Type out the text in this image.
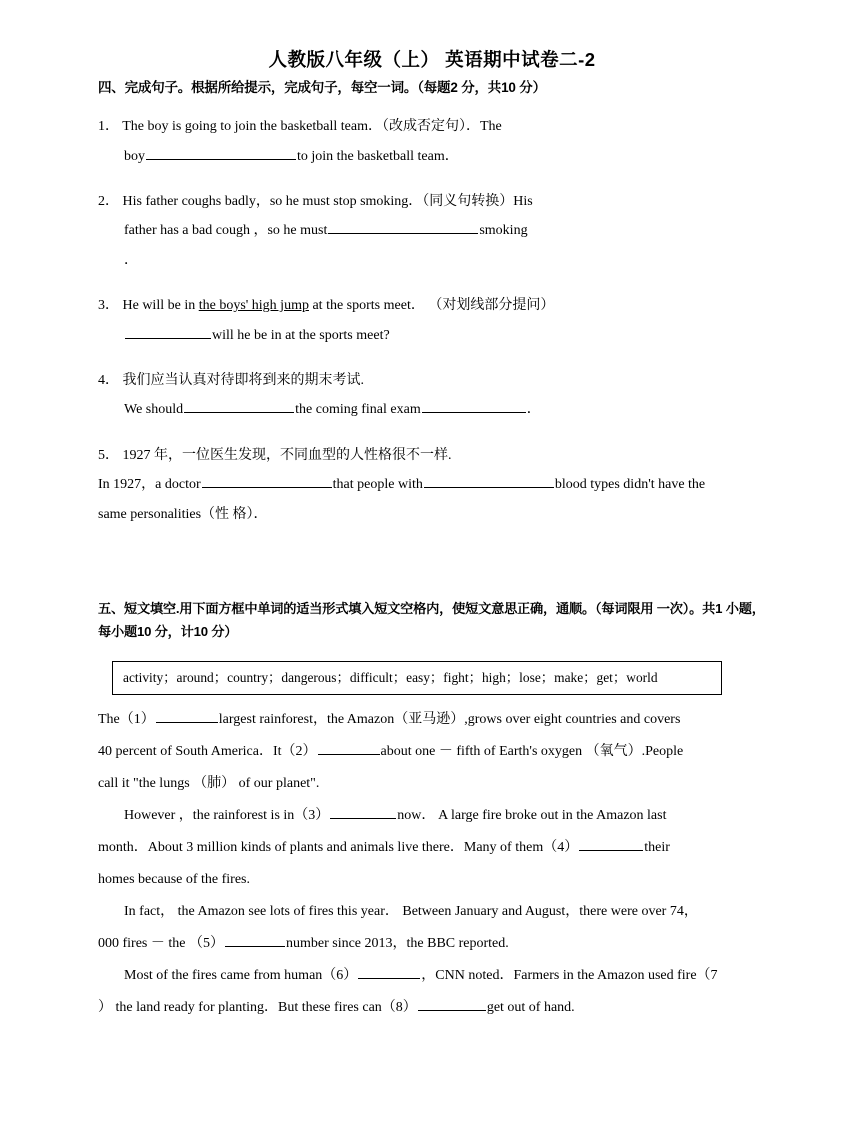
人教版八年级（上） 英语期中试卷二-2
四、完成句子。根据所给提示，完成句子，每空一词。（每题2 分，共10 分）
1． The boy is going to join the basketball team．（改成否定句）．The
boy	to join the basketball team．
2． His father coughs badly，so he must stop smoking．（同义句转换）His
father has a bad cough ，so he must	smoking
．
3． He will be in the boys' high jump at the sports meet． （对划线部分提问）
will he be in at the sports meet?
4． 我们应当认真对待即将到来的期末考试.
We should	the coming final exam	．
5． 1927 年，一位医生发现，不同血型的人性格很不一样.
In 1927，a doctor	that people with	blood types didn't have the
same personalities（性 格）．
五、短文填空.用下面方框中单词的适当形式填入短文空格内，使短文意思正确，通顺。（每词限用 一次）。共1 小题，每小题10 分，计10 分）
activity；around；country；dangerous；difficult；easy；fight；high；lose；make；get；world
The（1）	largest rainforest，the Amazon（亚马逊）,grows over eight countries and covers
40 percent of South America．It（2）	about one － fifth of Earth's oxygen （氧气）.People
call it "the lungs （肺） of our planet".
However ，the rainforest is in（3）	now． A large fire broke out in the Amazon last
month．About 3 million kinds of plants and animals live there．Many of them（4）	their
homes because of the fires.
In fact， the Amazon see lots of fires this year． Between January and August，there were over 74，
000 fires － the （5）	number since 2013，the BBC reported.
Most of the fires came from human（6）	，CNN noted．Farmers in the Amazon used fire（7
） the land ready for planting．But these fires can（8）	get out of hand.
